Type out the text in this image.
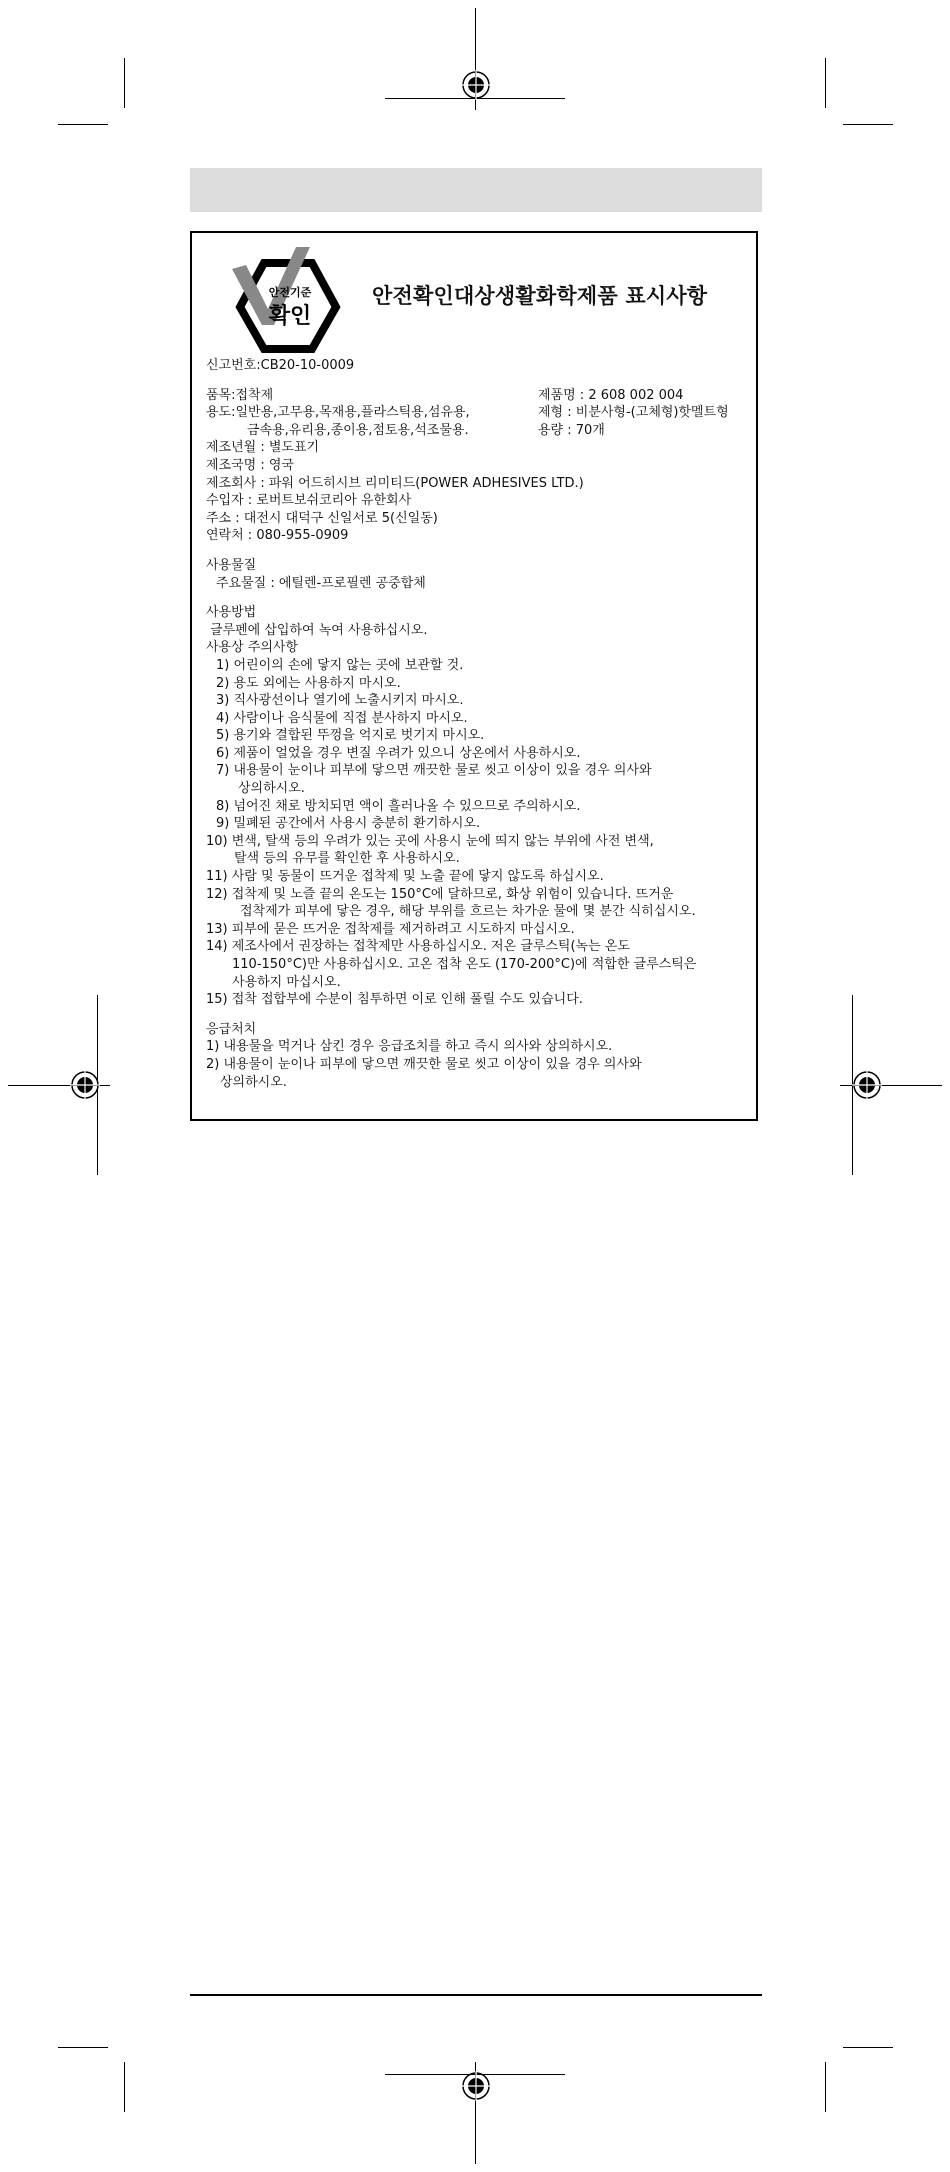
안전기준
확인
안전확인대상생활화학제품 표시사항
신고번호:CB20-10-0009
품목:접착제
용도:일반용,고무용,목재용,플라스틱용,섬유용,
금속용,유리용,종이용,점토용,석조물용.
제조년월 : 별도표기
제조국명 : 영국
제조회사 : 파워 어드히시브 리미티드(POWER ADHESIVES LTD.)
수입자 : 로버트보쉬코리아 유한회사
주소 : 대전시 대덕구 신일서로 5(신일동)
연락처 : 080-955-0909
제품명 : 2 608 002 004
제형 : 비분사형-(고체형)핫멜트형
용량 : 70개
사용물질
주요물질 : 에틸렌-프로필렌 공중합체
사용방법
글루펜에 삽입하여 녹여 사용하십시오.
사용상 주의사항
1) 어린이의 손에 닿지 않는 곳에 보관할 것.
2) 용도 외에는 사용하지 마시오.
3) 직사광선이나 열기에 노출시키지 마시오.
4) 사람이나 음식물에 직접 분사하지 마시오.
5) 용기와 결합된 뚜껑을 억지로 벗기지 마시오.
6) 제품이 얼었을 경우 변질 우려가 있으니 상온에서 사용하시오.
7) 내용물이 눈이나 피부에 닿으면 깨끗한 물로 씻고 이상이 있을 경우 의사와
상의하시오.
8) 넘어진 채로 방치되면 액이 흘러나올 수 있으므로 주의하시오.
9) 밀폐된 공간에서 사용시 충분히 환기하시오.
10) 변색, 탈색 등의 우려가 있는 곳에 사용시 눈에 띄지 않는 부위에 사전 변색,
탈색 등의 유무를 확인한 후 사용하시오.
11) 사람 및 동물이 뜨거운 접착제 및 노출 끝에 닿지 않도록 하십시오.
12) 접착제 및 노즐 끝의 온도는 150°C에 달하므로, 화상 위험이 있습니다. 뜨거운
접착제가 피부에 닿은 경우, 해당 부위를 흐르는 차가운 물에 몇 분간 식히십시오.
13) 피부에 묻은 뜨거운 접착제를 제거하려고 시도하지 마십시오.
14) 제조사에서 권장하는 접착제만 사용하십시오. 저온 글루스틱(녹는 온도
110-150°C)만 사용하십시오. 고온 접착 온도 (170-200°C)에 적합한 글루스틱은
사용하지 마십시오.
15) 접착 접합부에 수분이 침투하면 이로 인해 풀릴 수도 있습니다.
응급처치
1) 내용물을 먹거나 삼킨 경우 응급조치를 하고 즉시 의사와 상의하시오.
2) 내용물이 눈이나 피부에 닿으면 깨끗한 물로 씻고 이상이 있을 경우 의사와
상의하시오.
